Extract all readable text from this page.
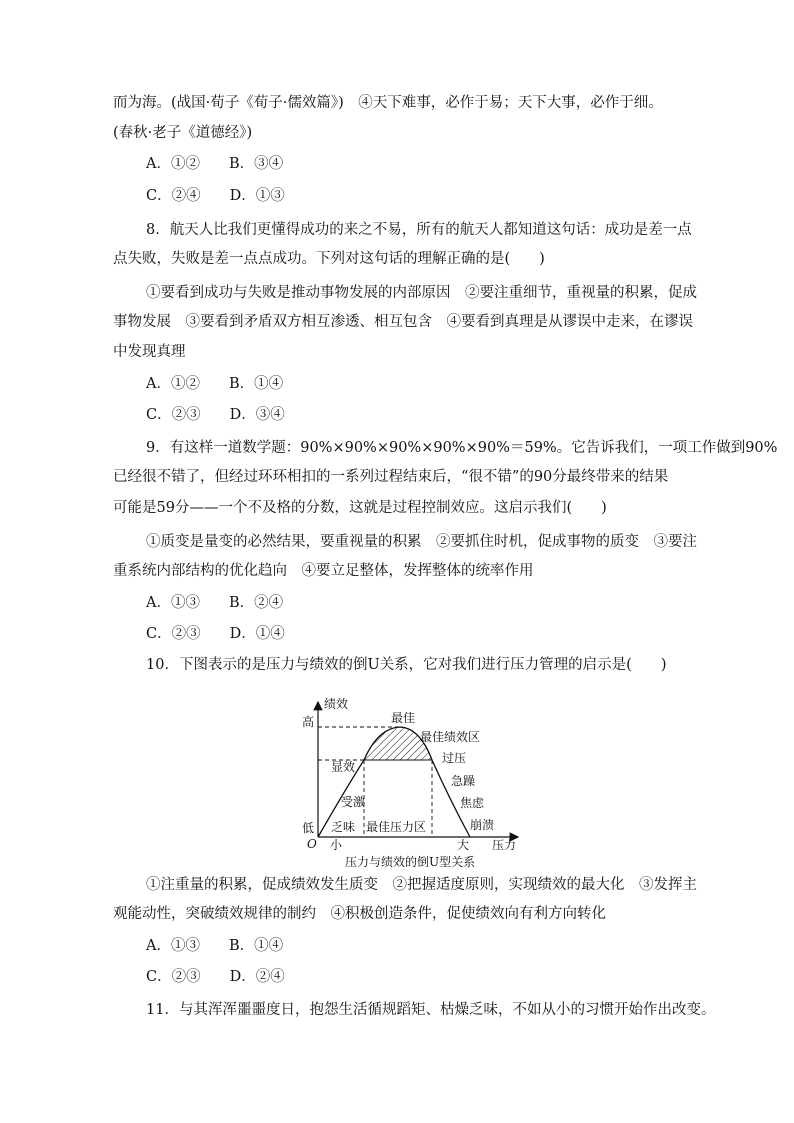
而为海。(战国·荀子《荀子·儒效篇》)　④天下难事，必作于易；天下大事，必作于细。
(春秋·老子《道德经》)
A．①②　　B．③④
C．②④　　D．①③
8．航天人比我们更懂得成功的来之不易，所有的航天人都知道这句话：成功是差一点
点失败，失败是差一点点成功。下列对这句话的理解正确的是(　　)
①要看到成功与失败是推动事物发展的内部原因　②要注重细节，重视量的积累，促成
事物发展　③要看到矛盾双方相互渗透、相互包含　④要看到真理是从谬误中走来，在谬误
中发现真理
A．①②　　B．①④
C．②③　　D．③④
9．有这样一道数学题：90%×90%×90%×90%×90%＝59%。它告诉我们，一项工作做到90%
已经很不错了，但经过环环相扣的一系列过程结束后，“很不错”的90分最终带来的结果
可能是59分——一个不及格的分数，这就是过程控制效应。这启示我们(　　)
①质变是量变的必然结果，要重视量的积累　②要抓住时机，促成事物的质变　③要注
重系统内部结构的优化趋向　④要立足整体，发挥整体的统率作用
A．①③　　B．②④
C．②③　　D．①④
10．下图表示的是压力与绩效的倒U关系，它对我们进行压力管理的启示是(　　)
①注重量的积累，促成绩效发生质变　②把握适度原则，实现绩效的最大化　③发挥主
观能动性，突破绩效规律的制约　④积极创造条件，促使绩效向有利方向转化
A．①③　　B．①④
C．②③　　D．②④
11．与其浑浑噩噩度日，抱怨生活循规蹈矩、枯燥乏味，不如从小的习惯开始作出改变。
绩效
高
低
O 小	大 压力
最佳
最佳绩效区
显效
过压
急躁
焦虑
崩溃
受激
乏味 最佳压力区
压力与绩效的倒U型关系
